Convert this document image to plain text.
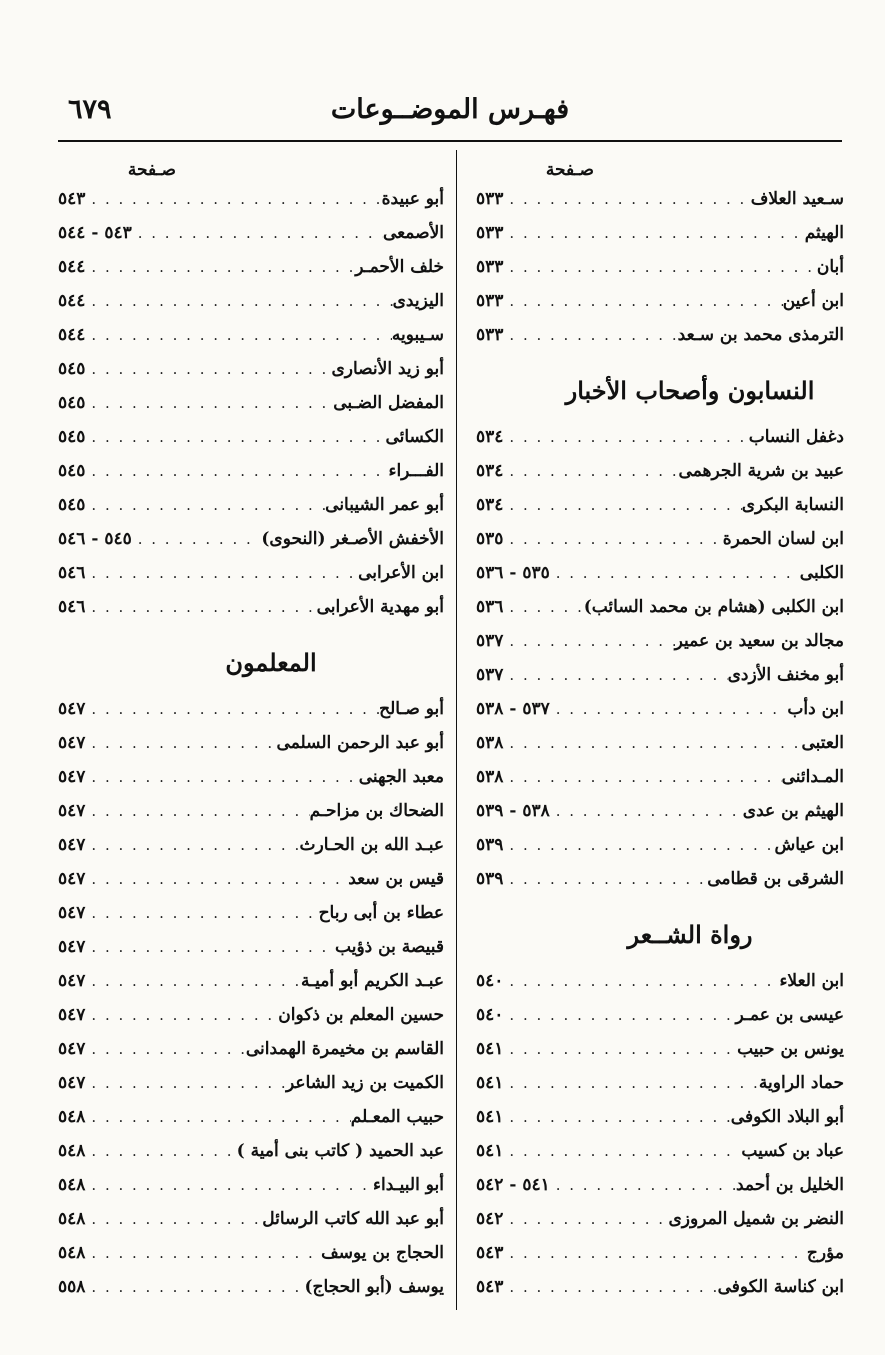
فهـرس الموضــوعات
٦٧٩
صـفحة
سـعيد العلاف
. . .
٥٣٣
الهيثم
. . .
٥٣٣
أبان
. . .
٥٣٣
ابن أعين
. . .
٥٣٣
الترمذى محمد بن سـعد
. . .
٥٣٣
النسابون وأصحاب الأخبار
دغفل النساب
. . .
٥٣٤
عبيد بن شرية الجرهمى
. . .
٥٣٤
النسابة البكرى
. . .
٥٣٤
ابن لسان الحمرة
. . .
٥٣٥
الكلبى
. . .
٥٣٥ - ٥٣٦
ابن الكلبى (هشام بن محمد السائب)
. . .
٥٣٦
مجالد بن سعيد بن عمير
. . .
٥٣٧
أبو مخنف الأزدى
. . .
٥٣٧
ابن دأب
. . .
٥٣٧ - ٥٣٨
العتبى
. . .
٥٣٨
المـدائنى
. . .
٥٣٨
الهيثم بن عدى
. . .
٥٣٨ - ٥٣٩
ابن عياش
. . .
٥٣٩
الشرقى بن قطامى
. . .
٥٣٩
رواة الشــعر
ابن العلاء
. . .
٥٤٠
عيسى بن عمـر
. . .
٥٤٠
يونس بن حبيب
. . .
٥٤١
حماد الراوية
. . .
٥٤١
أبو البلاد الكوفى
. . .
٥٤١
عباد بن كسيب
. . .
٥٤١
الخليل بن أحمد
. . .
٥٤١ - ٥٤٢
النضر بن شميل المروزى
. . .
٥٤٢
مؤرج
. . .
٥٤٣
ابن كناسة الكوفى
. . .
٥٤٣
صـفحة
أبو عبيدة
. . .
٥٤٣
الأصمعى
. . .
٥٤٣ - ٥٤٤
خلف الأحمـر
. . .
٥٤٤
اليزيدى
. . .
٥٤٤
سـيبويه
. . .
٥٤٤
أبو زيد الأنصارى
. . .
٥٤٥
المفضل الضـبى
. . .
٥٤٥
الكسائى
. . .
٥٤٥
الفـــراء
. . .
٥٤٥
أبو عمر الشيبانى
. . .
٥٤٥
الأخفش الأصـغر (النحوى)
. . .
٥٤٥ - ٥٤٦
ابن الأعرابى
. . .
٥٤٦
أبو مهدية الأعرابى
. . .
٥٤٦
المعلمون
أبو صـالح
. . .
٥٤٧
أبو عبد الرحمن السلمى
. . .
٥٤٧
معبد الجهنى
. . .
٥٤٧
الضحاك بن مزاحـم
. . .
٥٤٧
عبـد الله بن الحـارث
. . .
٥٤٧
قيس بن سعد
. . .
٥٤٧
عطاء بن أبى رباح
. . .
٥٤٧
قبيصة بن ذؤيب
. . .
٥٤٧
عبـد الكريم أبو أميـة
. . .
٥٤٧
حسين المعلم بن ذكوان
. . .
٥٤٧
القاسم بن مخيمرة الهمدانى
. . .
٥٤٧
الكميت بن زيد الشاعر
. . .
٥٤٧
حبيب المعـلم
. . .
٥٤٨
عبد الحميد ( كاتب بنى أمية )
. . .
٥٤٨
أبو البيـداء
. . .
٥٤٨
أبو عبد الله كاتب الرسائل
. . .
٥٤٨
الحجاج بن يوسف
. . .
٥٤٨
يوسف (أبو الحجاج)
. . .
٥٥٨
